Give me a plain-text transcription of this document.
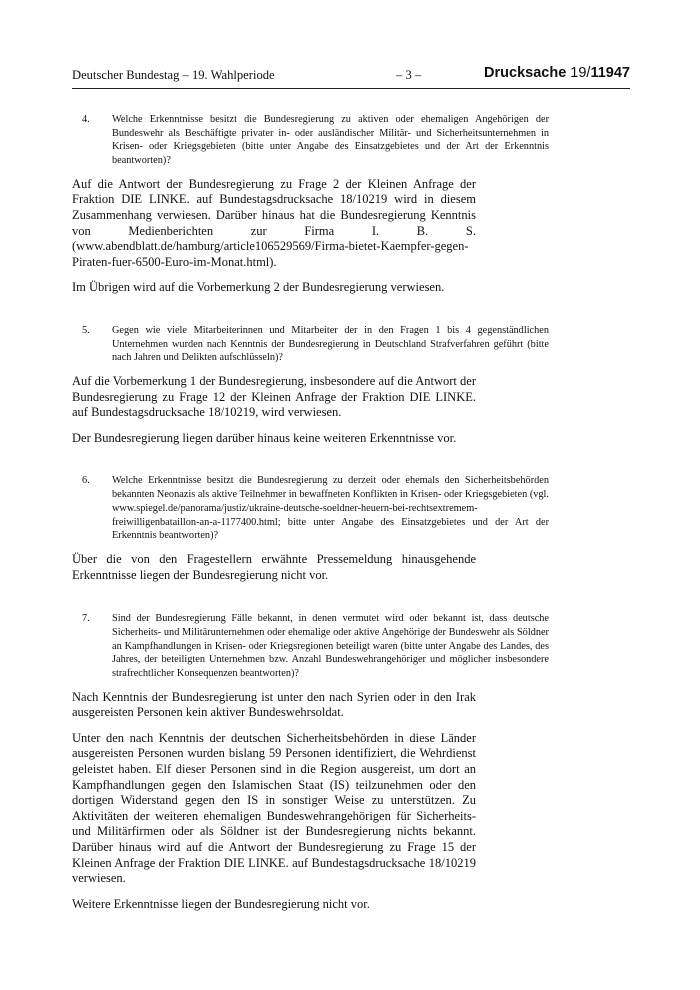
Deutscher Bundestag – 19. Wahlperiode	– 3 –	Drucksache 19/11947
4. Welche Erkenntnisse besitzt die Bundesregierung zu aktiven oder ehemaligen Angehörigen der Bundeswehr als Beschäftigte privater in- oder ausländischer Militär- und Sicherheitsunternehmen in Krisen- oder Kriegsgebieten (bitte unter Angabe des Einsatzgebietes und der Art der Erkenntnis beantworten)?
Auf die Antwort der Bundesregierung zu Frage 2 der Kleinen Anfrage der Fraktion DIE LINKE. auf Bundestagsdrucksache 18/10219 wird in diesem Zusammenhang verwiesen. Darüber hinaus hat die Bundesregierung Kenntnis von Medienberichten zur Firma I. B. S. (www.abendblatt.de/hamburg/article106529569/Firma-bietet-Kaempfer-gegen-Piraten-fuer-6500-Euro-im-Monat.html).
Im Übrigen wird auf die Vorbemerkung 2 der Bundesregierung verwiesen.
5. Gegen wie viele Mitarbeiterinnen und Mitarbeiter der in den Fragen 1 bis 4 gegenständlichen Unternehmen wurden nach Kenntnis der Bundesregierung in Deutschland Strafverfahren geführt (bitte nach Jahren und Delikten aufschlüsseln)?
Auf die Vorbemerkung 1 der Bundesregierung, insbesondere auf die Antwort der Bundesregierung zu Frage 12 der Kleinen Anfrage der Fraktion DIE LINKE. auf Bundestagsdrucksache 18/10219, wird verwiesen.
Der Bundesregierung liegen darüber hinaus keine weiteren Erkenntnisse vor.
6. Welche Erkenntnisse besitzt die Bundesregierung zu derzeit oder ehemals den Sicherheitsbehörden bekannten Neonazis als aktive Teilnehmer in bewaffneten Konflikten in Krisen- oder Kriegsgebieten (vgl. www.spiegel.de/panorama/justiz/ukraine-deutsche-soeldner-heuern-bei-rechtsextremem-freiwilligenbataillon-an-a-1177400.html; bitte unter Angabe des Einsatzgebietes und der Art der Erkenntnis beantworten)?
Über die von den Fragestellern erwähnte Pressemeldung hinausgehende Erkenntnisse liegen der Bundesregierung nicht vor.
7. Sind der Bundesregierung Fälle bekannt, in denen vermutet wird oder bekannt ist, dass deutsche Sicherheits- und Militärunternehmen oder ehemalige oder aktive Angehörige der Bundeswehr als Söldner an Kampfhandlungen in Krisen- oder Kriegsregionen beteiligt waren (bitte unter Angabe des Landes, des Jahres, der beteiligten Unternehmen bzw. Anzahl Bundeswehrangehöriger und möglicher insbesondere strafrechtlicher Konsequenzen beantworten)?
Nach Kenntnis der Bundesregierung ist unter den nach Syrien oder in den Irak ausgereisten Personen kein aktiver Bundeswehrsoldat.
Unter den nach Kenntnis der deutschen Sicherheitsbehörden in diese Länder ausgereisten Personen wurden bislang 59 Personen identifiziert, die Wehrdienst geleistet haben. Elf dieser Personen sind in die Region ausgereist, um dort an Kampfhandlungen gegen den Islamischen Staat (IS) teilzunehmen oder den dortigen Widerstand gegen den IS in sonstiger Weise zu unterstützen. Zu Aktivitäten der weiteren ehemaligen Bundeswehrangehörigen für Sicherheits- und Militärfirmen oder als Söldner ist der Bundesregierung nichts bekannt. Darüber hinaus wird auf die Antwort der Bundesregierung zu Frage 15 der Kleinen Anfrage der Fraktion DIE LINKE. auf Bundestagsdrucksache 18/10219 verwiesen.
Weitere Erkenntnisse liegen der Bundesregierung nicht vor.
